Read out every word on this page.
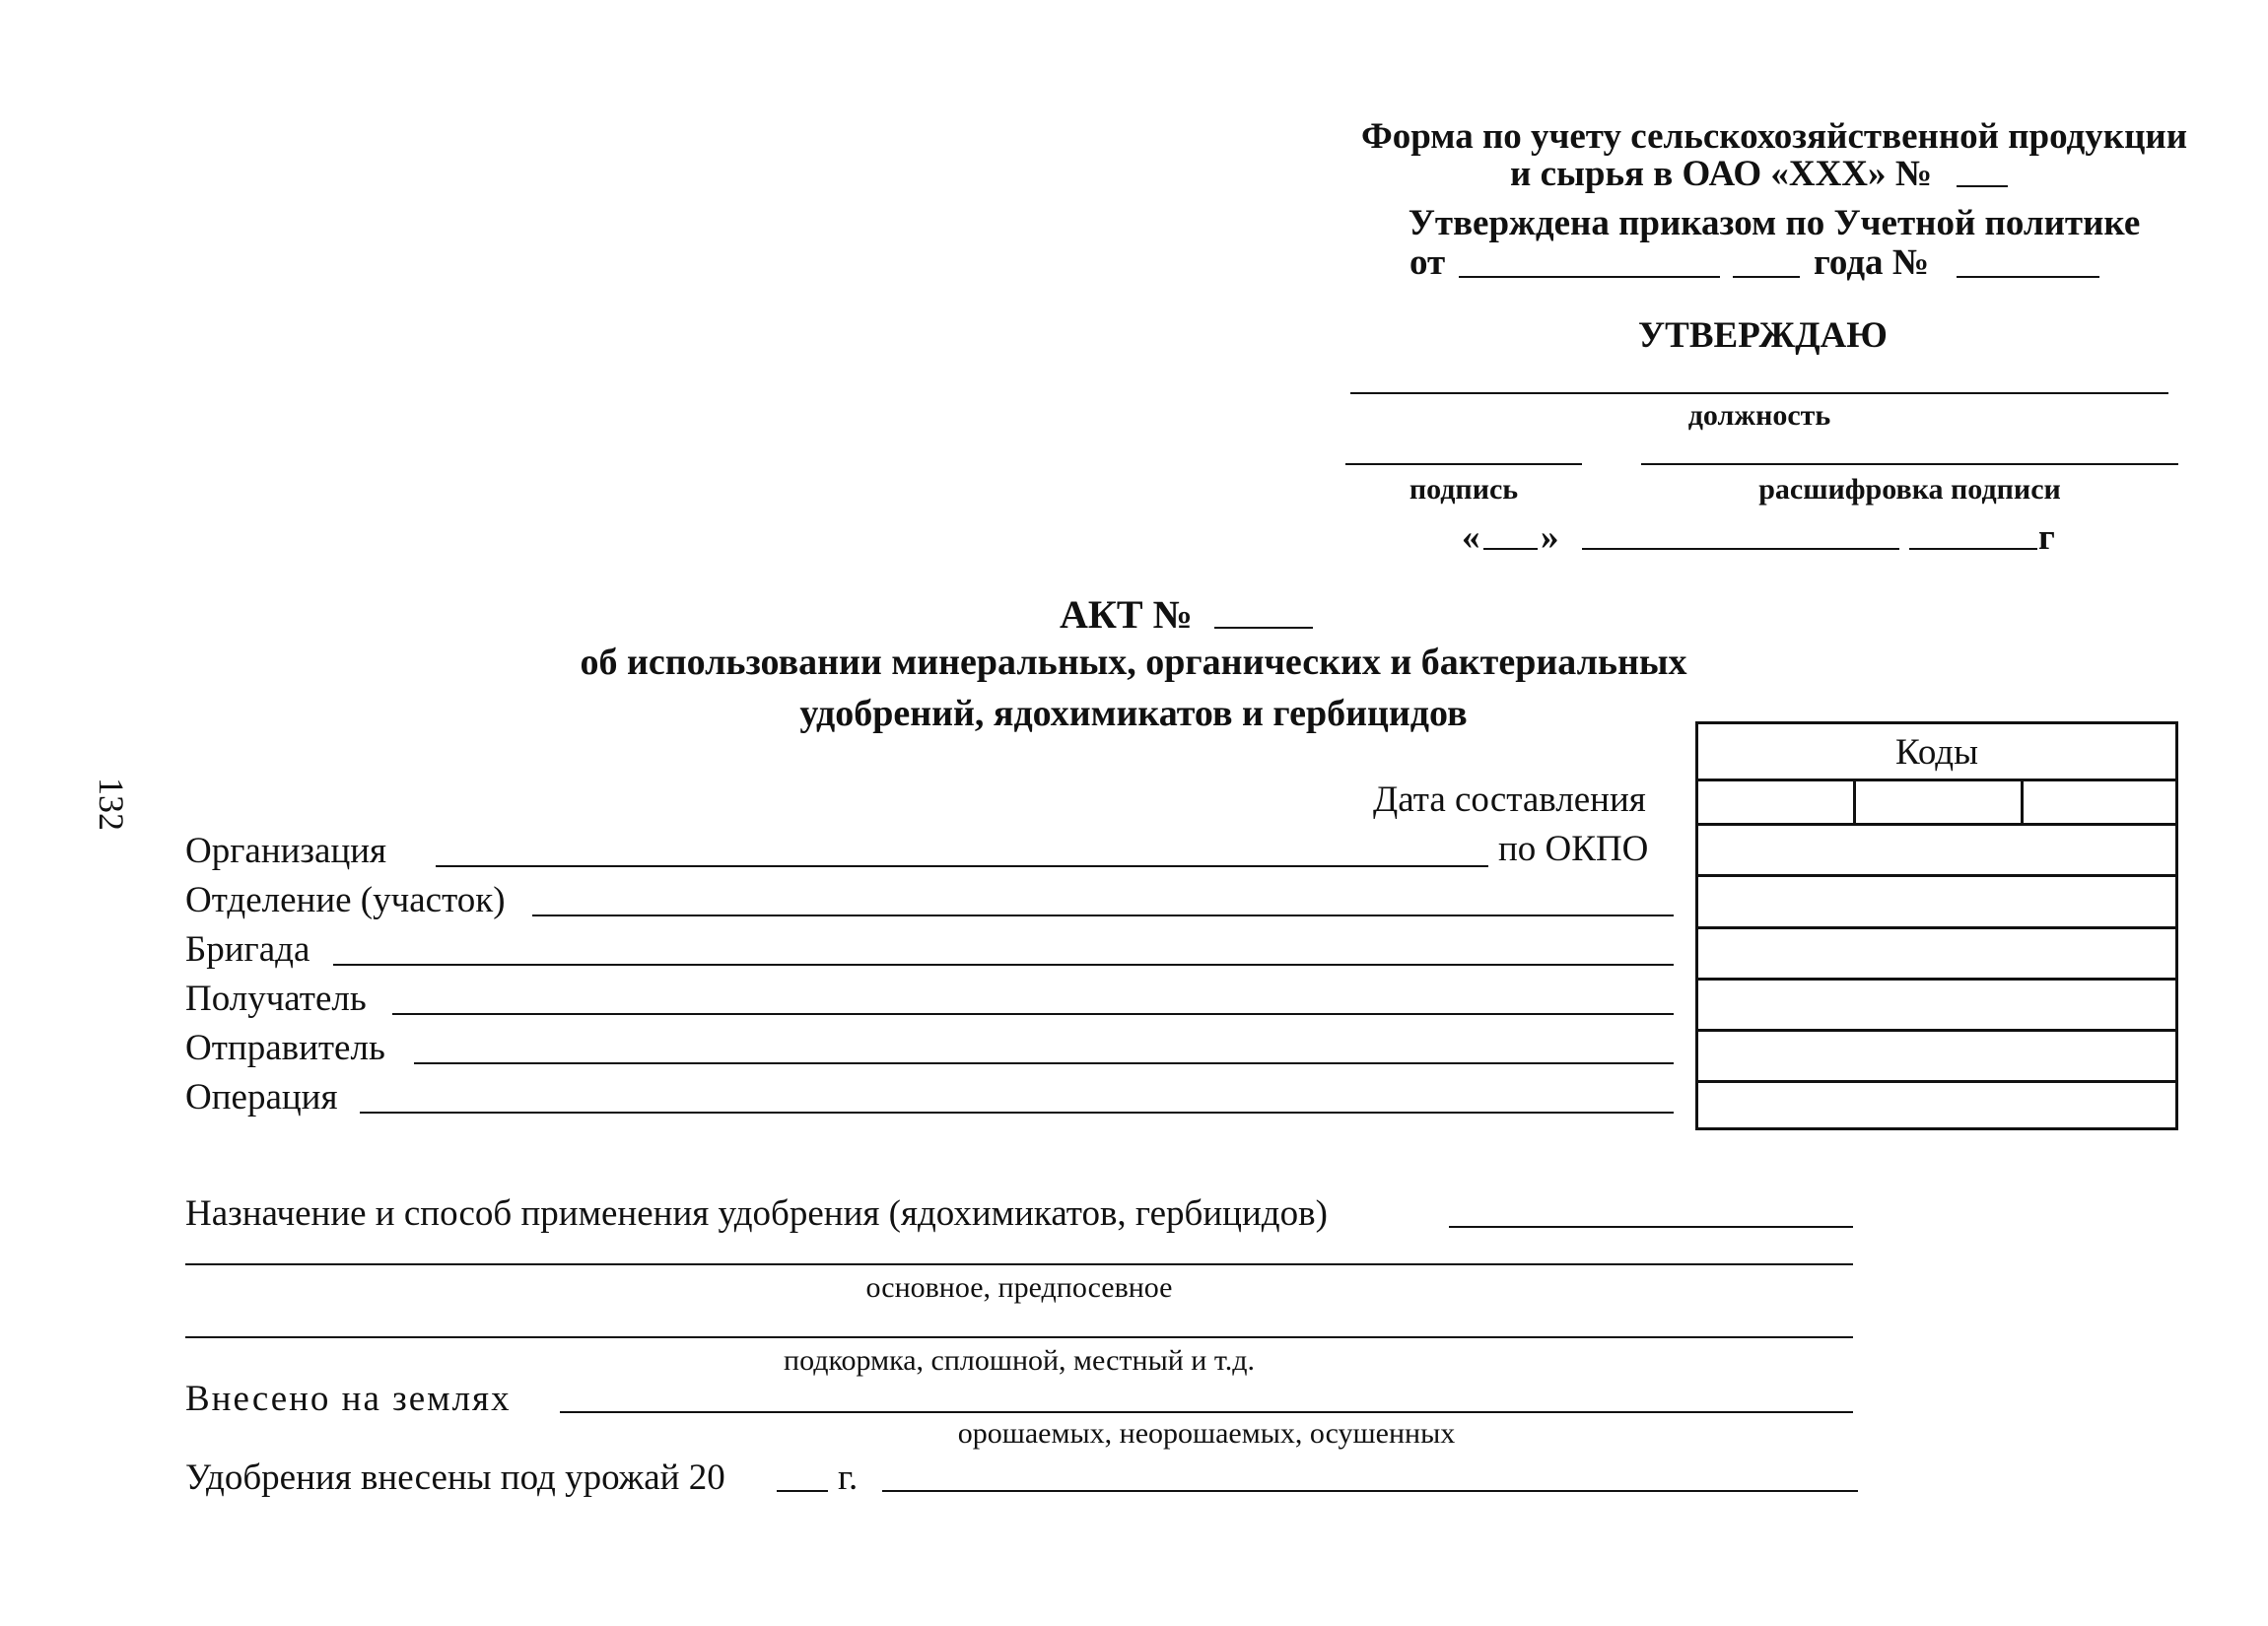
132
Форма по учету сельскохозяйственной продукции
и сырья в ОАО «XXX» №
Утверждена приказом по Учетной политике
от	года №
УТВЕРЖДАЮ
должность
подпись	расшифровка подписи
« »	г
АКТ №
об использовании минеральных, органических и бактериальных
удобрений, ядохимикатов и гербицидов
Коды
Дата составления
по ОКПО
Организация
Отделение (участок)
Бригада
Получатель
Отправитель
Операция
Назначение и способ применения удобрения (ядохимикатов, гербицидов)
основное, предпосевное
подкормка, сплошной, местный и т.д.
Внесено на землях
орошаемых, неорошаемых, осушенных
Удобрения внесены под урожай 20	г.
